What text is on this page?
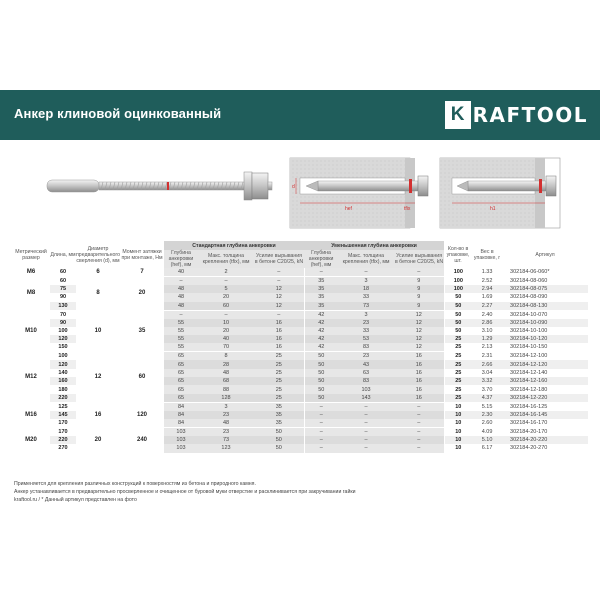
Анкер клиновой оцинкованный	K RAFTOOL
d
hef	tfix	h1
Метрический размер	Длина, мм	Диаметр предварительного сверления (d), мм	Момент затяжки при монтаже, Нм	Стандартная глубина анкеровки			Уменьшенная глубина анкеровки			Кол-во в упаковке, шт.	Вес в упаковке, г	Артикул
				Глубина анкеровки (hef), мм	Макс. толщина крепления (tfix), мм	Усилие вырывания в бетоне С20/25, kN	Глубина анкеровки (hef), мм	Макс. толщина крепления (tfix), мм	Усилие вырывания в бетоне С20/25, kN			
M6	60	6	7	40	2	–	–	–	–	100	1.33	302184-06-060*
M8	60	8	20	–	–	–	35	3	9	100	2.52	302184-08-060
	75			48	5	12	35	18	9	100	2.94	302184-08-075
	90			48	20	12	35	33	9	50	1.69	302184-08-090
	130			48	60	12	35	73	9	50	2.27	302184-08-130
M10	70	10	35	–	–	–	42	3	12	50	2.40	302184-10-070
	90			55	10	16	42	23	12	50	2.86	302184-10-090
	100			55	20	16	42	33	12	50	3.10	302184-10-100
	120			55	40	16	42	53	12	25	1.29	302184-10-120
	150			55	70	16	42	83	12	25	2.13	302184-10-150
M12	100	12	60	65	8	25	50	23	16	25	2.31	302184-12-100
	120			65	28	25	50	43	16	25	2.66	302184-12-120
	140			65	48	25	50	63	16	25	3.04	302184-12-140
	160			65	68	25	50	83	16	25	3.32	302184-12-160
	180			65	88	25	50	103	16	25	3.70	302184-12-180
	220			65	128	25	50	143	16	25	4.37	302184-12-220
M16	125	16	120	84	3	35	–	–	–	10	5.15	302184-16-125
	145			84	23	35	–	–	–	10	2.30	302184-16-145
	170			84	48	35	–	–	–	10	2.60	302184-16-170
M20	170	20	240	103	23	50	–	–	–	10	4.09	302184-20-170
	220			103	73	50	–	–	–	10	5.10	302184-20-220
	270			103	123	50	–	–	–	10	6.17	302184-20-270
Применяется для крепления различных конструкций к поверхностям из бетона и природного камня.
Анкер устанавливается в предварительно просверленное и очищенное от буровой муки отверстие и расклинивается при закручивании гайки
kraftool.ru / * Данный артикул представлен на фото
